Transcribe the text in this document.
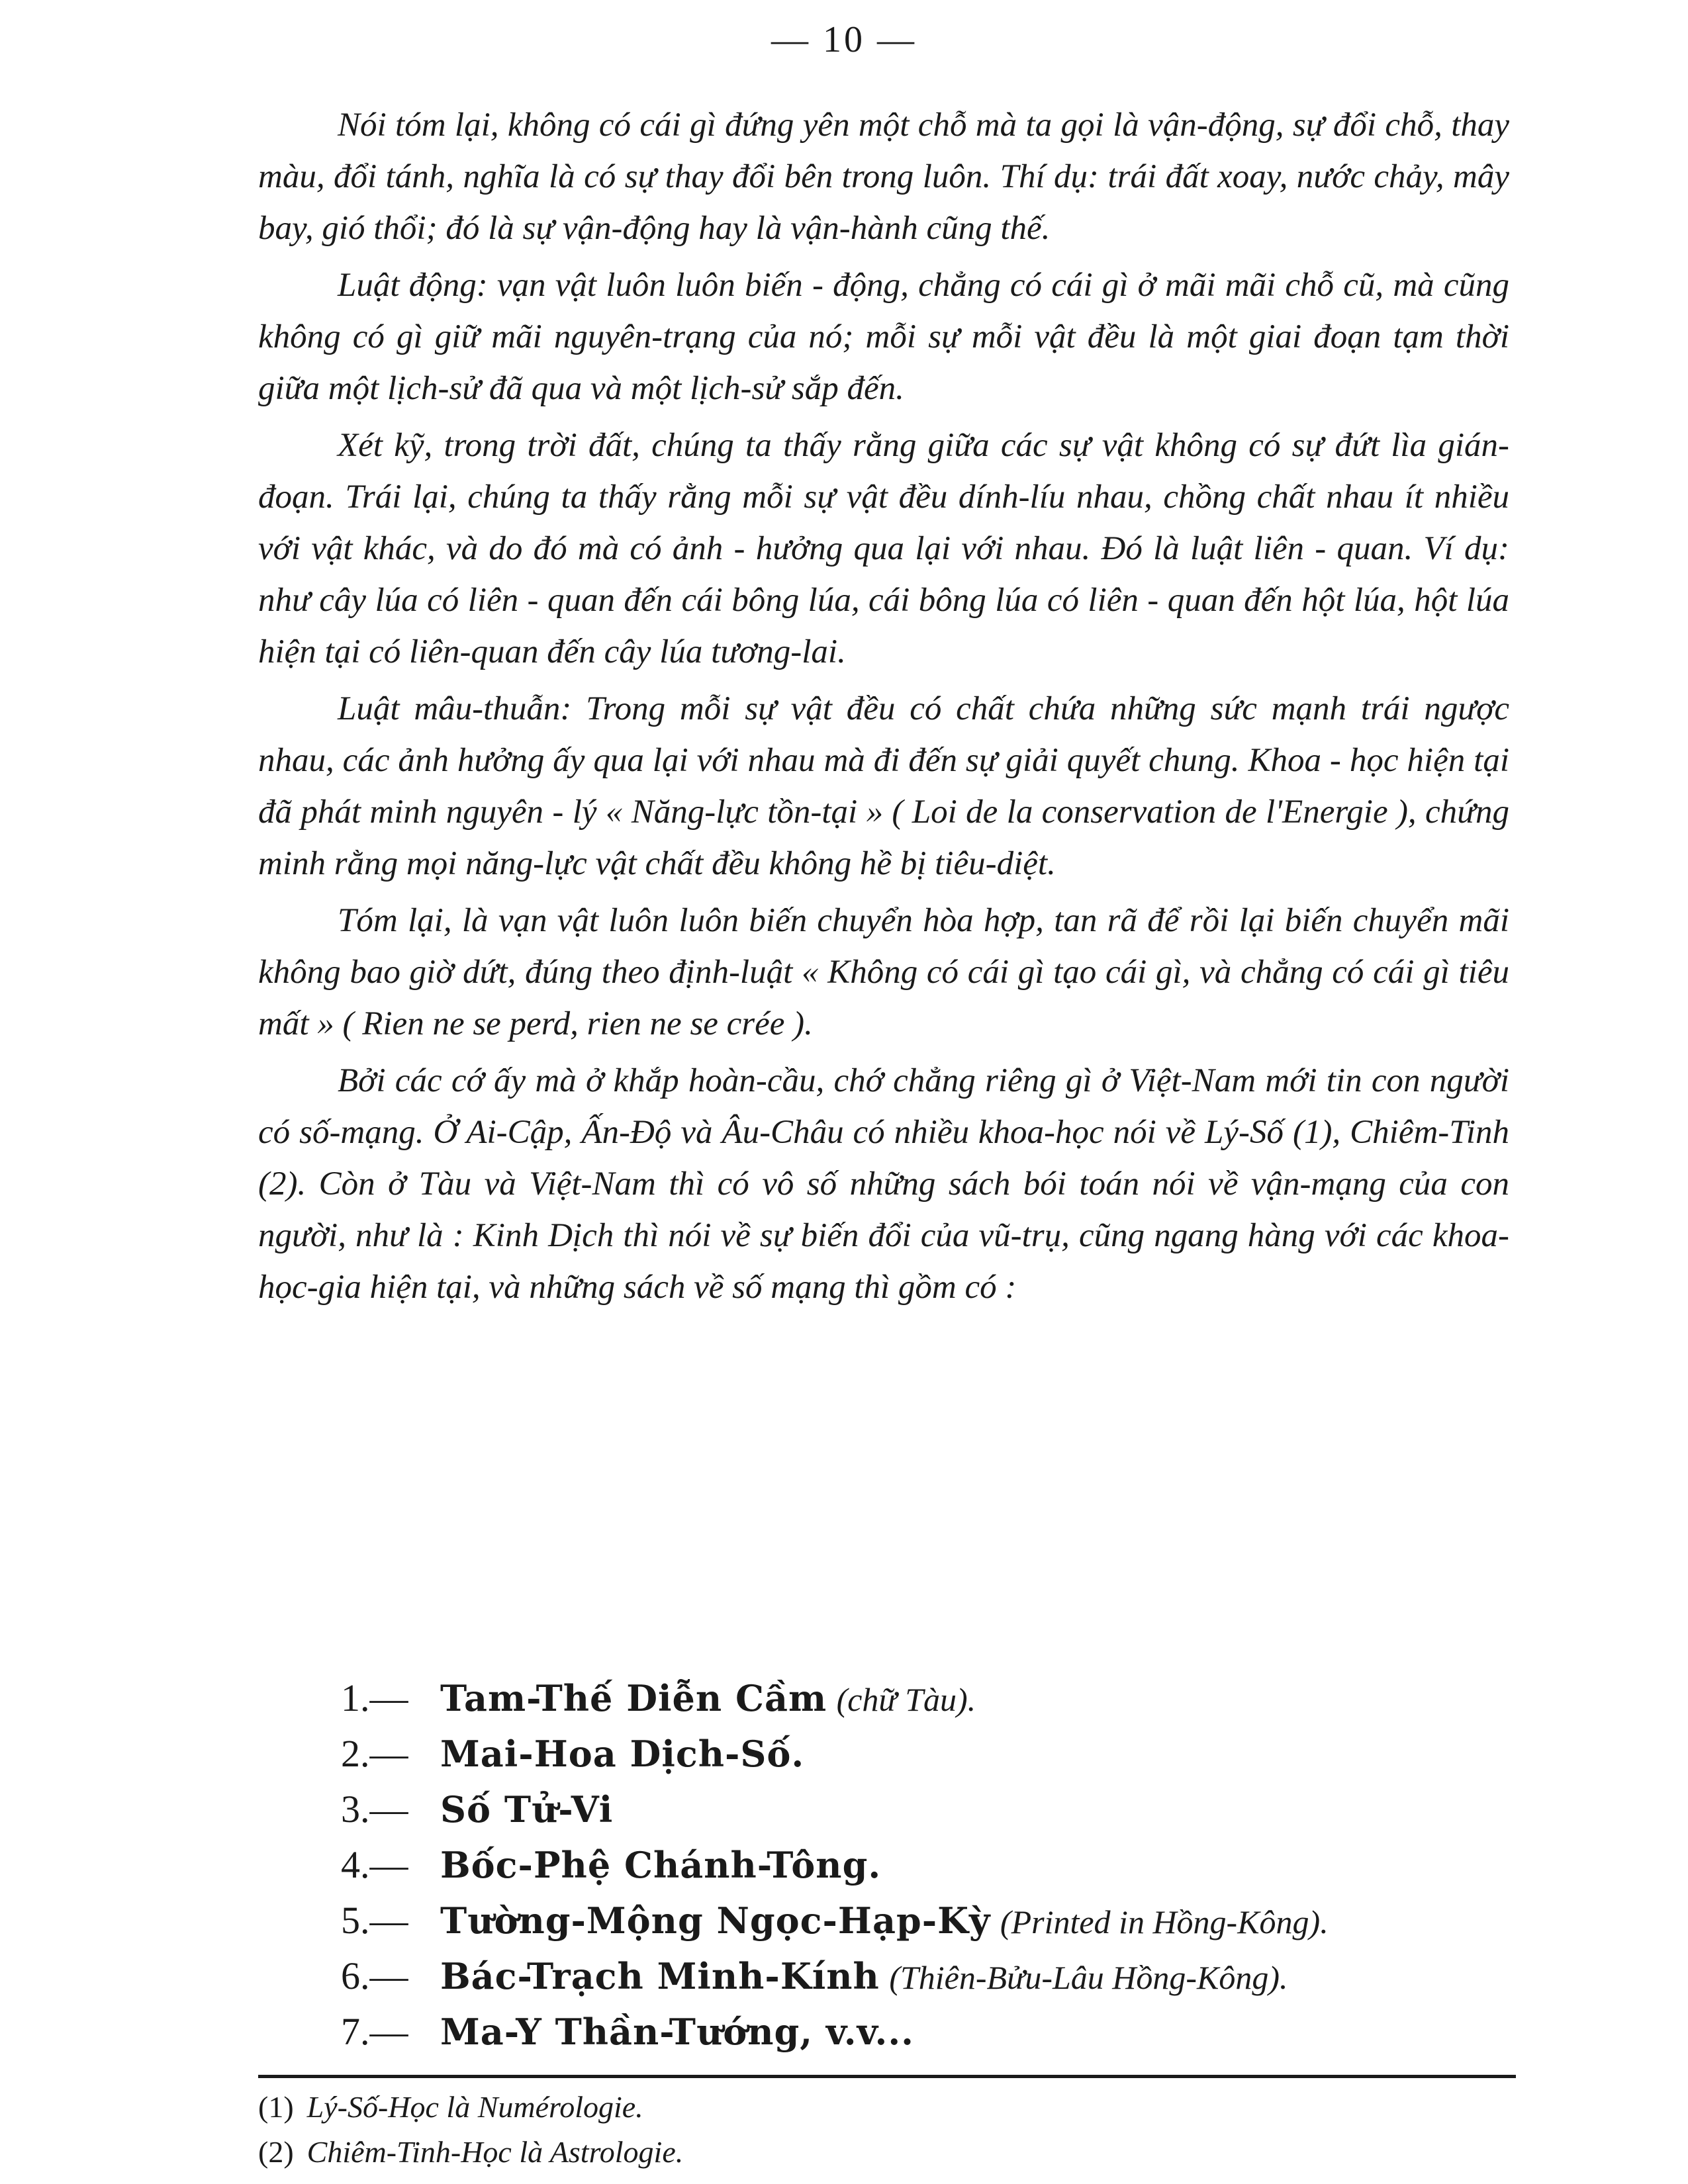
— 10 —

Nói tóm lại, không có cái gì đứng yên một chỗ mà ta gọi là vận-động, sự đổi chỗ, thay màu, đổi tánh, nghĩa là có sự thay đổi bên trong luôn. Thí dụ: trái đất xoay, nước chảy, mây bay, gió thổi; đó là sự vận-động hay là vận-hành cũng thế.

Luật động: vạn vật luôn luôn biến - động, chẳng có cái gì ở mãi mãi chỗ cũ, mà cũng không có gì giữ mãi nguyên-trạng của nó; mỗi sự mỗi vật đều là một giai đoạn tạm thời giữa một lịch-sử đã qua và một lịch-sử sắp đến.

Xét kỹ, trong trời đất, chúng ta thấy rằng giữa các sự vật không có sự đứt lìa gián-đoạn. Trái lại, chúng ta thấy rằng mỗi sự vật đều dính-líu nhau, chồng chất nhau ít nhiều với vật khác, và do đó mà có ảnh - hưởng qua lại với nhau. Đó là luật liên - quan. Ví dụ: như cây lúa có liên - quan đến cái bông lúa, cái bông lúa có liên - quan đến hột lúa, hột lúa hiện tại có liên-quan đến cây lúa tương-lai.

Luật mâu-thuẫn: Trong mỗi sự vật đều có chất chứa những sức mạnh trái ngược nhau, các ảnh hưởng ấy qua lại với nhau mà đi đến sự giải quyết chung. Khoa - học hiện tại đã phát minh nguyên - lý « Năng-lực tồn-tại » ( Loi de la conservation de l'Energie ), chứng minh rằng mọi năng-lực vật chất đều không hề bị tiêu-diệt.

Tóm lại, là vạn vật luôn luôn biến chuyển hòa hợp, tan rã để rồi lại biến chuyển mãi không bao giờ dứt, đúng theo định-luật « Không có cái gì tạo cái gì, và chẳng có cái gì tiêu mất » ( Rien ne se perd, rien ne se crée ).

Bởi các cớ ấy mà ở khắp hoàn-cầu, chớ chẳng riêng gì ở Việt-Nam mới tin con người có số-mạng. Ở Ai-Cập, Ấn-Độ và Âu-Châu có nhiều khoa-học nói về Lý-Số (1), Chiêm-Tinh (2). Còn ở Tàu và Việt-Nam thì có vô số những sách bói toán nói về vận-mạng của con người, như là : Kinh Dịch thì nói về sự biến đổi của vũ-trụ, cũng ngang hàng với các khoa-học-gia hiện tại, và những sách về số mạng thì gồm có :

1.— Tam-Thế Diễn Cầm (chữ Tàu).
2.— Mai-Hoa Dịch-Số.
3.— Số Tử-Vi
4.— Bốc-Phệ Chánh-Tông.
5.— Tường-Mộng Ngọc-Hạp-Kỳ (Printed in Hồng-Kông).
6.— Bác-Trạch Minh-Kính (Thiên-Bửu-Lâu Hồng-Kông).
7.— Ma-Y Thần-Tướng, v.v...
(1) Lý-Số-Học là Numérologie.
(2) Chiêm-Tinh-Học là Astrologie.
